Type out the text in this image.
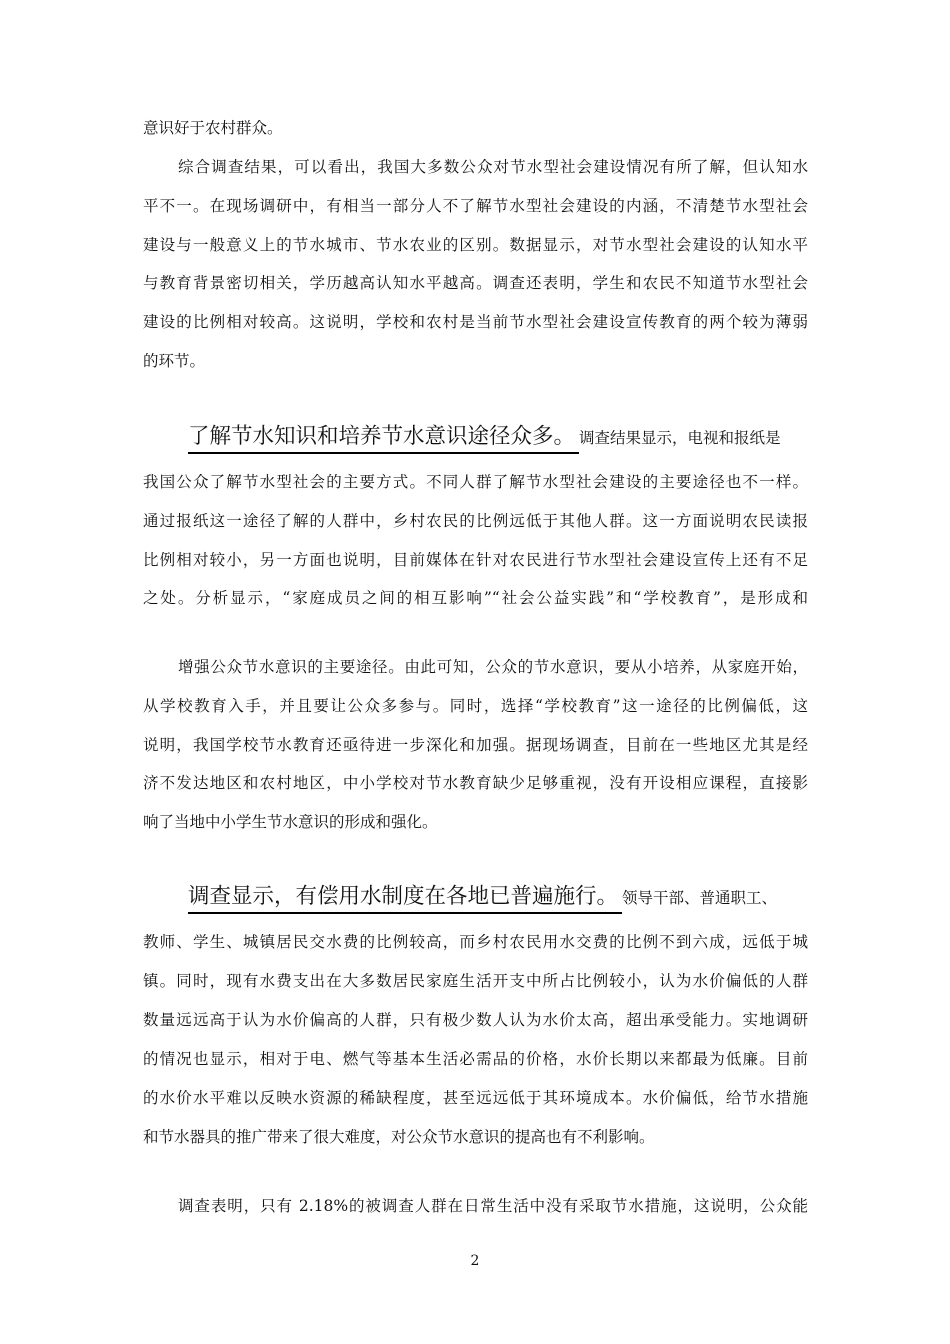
意识好于农村群众。
综合调查结果，可以看出，我国大多数公众对节水型社会建设情况有所了解，但认知水
平不一。在现场调研中，有相当一部分人不了解节水型社会建设的内涵，不清楚节水型社会
建设与一般意义上的节水城市、节水农业的区别。数据显示，对节水型社会建设的认知水平
与教育背景密切相关，学历越高认知水平越高。调查还表明，学生和农民不知道节水型社会
建设的比例相对较高。这说明，学校和农村是当前节水型社会建设宣传教育的两个较为薄弱
的环节。
了解节水知识和培养节水意识途径众多。 调查结果显示，电视和报纸是
我国公众了解节水型社会的主要方式。不同人群了解节水型社会建设的主要途径也不一样。
通过报纸这一途径了解的人群中，乡村农民的比例远低于其他人群。这一方面说明农民读报
比例相对较小，另一方面也说明，目前媒体在针对农民进行节水型社会建设宣传上还有不足
之处。分析显示，“家庭成员之间的相互影响”“社会公益实践”和“学校教育”，是形成和
增强公众节水意识的主要途径。由此可知，公众的节水意识，要从小培养，从家庭开始，
从学校教育入手，并且要让公众多参与。同时，选择“学校教育”这一途径的比例偏低，这
说明，我国学校节水教育还亟待进一步深化和加强。据现场调查，目前在一些地区尤其是经
济不发达地区和农村地区，中小学校对节水教育缺少足够重视，没有开设相应课程，直接影
响了当地中小学生节水意识的形成和强化。
调查显示，有偿用水制度在各地已普遍施行。 领导干部、普通职工、
教师、学生、城镇居民交水费的比例较高，而乡村农民用水交费的比例不到六成，远低于城
镇。同时，现有水费支出在大多数居民家庭生活开支中所占比例较小，认为水价偏低的人群
数量远远高于认为水价偏高的人群，只有极少数人认为水价太高，超出承受能力。实地调研
的情况也显示，相对于电、燃气等基本生活必需品的价格，水价长期以来都最为低廉。目前
的水价水平难以反映水资源的稀缺程度，甚至远远低于其环境成本。水价偏低，给节水措施
和节水器具的推广带来了很大难度，对公众节水意识的提高也有不利影响。
调查表明，只有 2.18%的被调查人群在日常生活中没有采取节水措施，这说明，公众能
2
